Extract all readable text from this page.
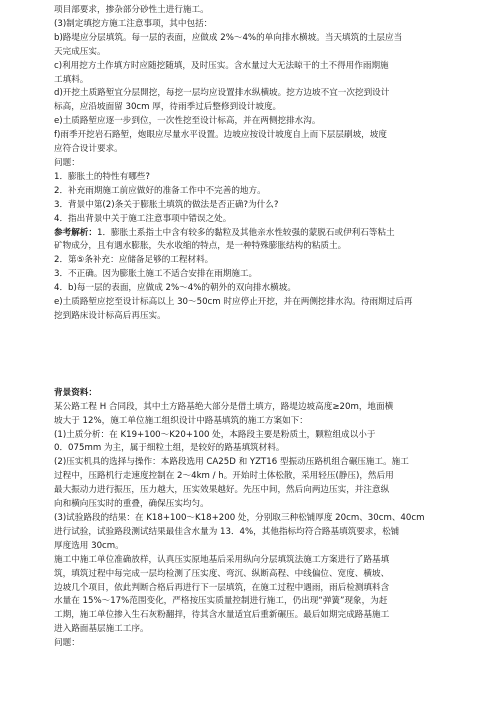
项目部要求，掺杂部分砂性土进行施工。
(3)制定填挖方施工注意事项，其中包括：
b)路堤应分层填筑。每一层的表面，应做成 2%～4%的单向排水横坡。当天填筑的土层应当
天完成压实。
c)利用挖方土作填方时应随挖随填，及时压实。含水量过大无法晾干的土不得用作雨期施
工填料。
d)开挖土质路堑宜分层開挖，每挖一层均应设置排水纵横坡。挖方边坡不宜一次挖到设计
标高，应沿坡面留 30cm 厚，待雨季过后整修到设计坡度。
e)土质路堑应逐一步到位，一次性挖至设计标高，并在两侧挖排水沟。
f)雨季开挖岩石路堑，炮眼应尽量水平设置。边坡应按设计坡度自上而下层层刷坡，坡度
应符合设计要求。
问题：
1．膨胀土的特性有哪些?
2．补充雨期施工前应做好的准备工作中不完善的地方。
3．背景中第(2)条关于膨胀土填筑的做法是否正确?为什么?
4．指出背景中关于施工注意事项中错误之处。
参考解析：1．膨胀土系指土中含有较多的黏粒及其他亲水性较强的蒙脱石或伊利石等粘土
矿物成分，且有遇水膨胀，失水收缩的特点，是一种特殊膨胀结构的粘质土。
2．第⑤条补充：应储备足够的工程材料。
3．不正确。因为膨胀土施工不适合安排在雨期施工。
4．b)每一层的表面，应做成 2%～4%的朝外的双向排水横坡。
e)土质路堑应挖至设计标高以上 30～50cm 时应停止开挖，并在两侧挖排水沟。待雨期过后再
挖到路床设计标高后再压实。
背景资料：
某公路工程 H 合同段，其中土方路基绝大部分是借土填方，路堤边坡高度≥20m，地面横
坡大于 12%，施工单位施工组织设计中路基填筑的施工方案如下：
(1)土质分析：在 K19+100～K20+100 处，本路段主要是粉质土，颗粒组成以小于
0．075mm 为主，属于细粒土组，是较好的路基填筑材料。
(2)压实机具的选择与操作：本路段选用 CA25D 和 YZT16 型振动压路机组合碾压施工。施工
过程中，压路机行走速度控制在 2～4km / h。开始时土体松散，采用轻压(静压)，然后用
最大振动力进行振压，压力越大，压实效果越好。先压中间，然后向两边压实，并注意纵
向和横向压实时的重叠，确保压实均匀。
(3)试验路段的结果：在 K18+100～K18+200 处，分别取三种松铺厚度 20cm、30cm、40cm
进行试验，试验路段测试结果最佳含水量为 13．4%，其他指标均符合路基填筑要求，松铺
厚度选用 30cm。
施工中施工单位准确放样，认真压实原地基后采用纵向分层填筑法施工方案进行了路基填
筑，填筑过程中每完成一层均检测了压实度、弯沉、纵断高程、中线偏位、宽度、横坡、
边坡几个项目，依此判断合格后再进行下一层填筑，在施工过程中遇雨，雨后检测填料含
水量在 15%～17%范围变化，严格按压实质量控制进行施工，仍出现“弹簧”现象，为赶
工期，施工单位掺入生石灰粉翻拌，待其含水量适宜后重新碾压。最后如期完成路基施工
进入路面基层施工工序。
问题：
